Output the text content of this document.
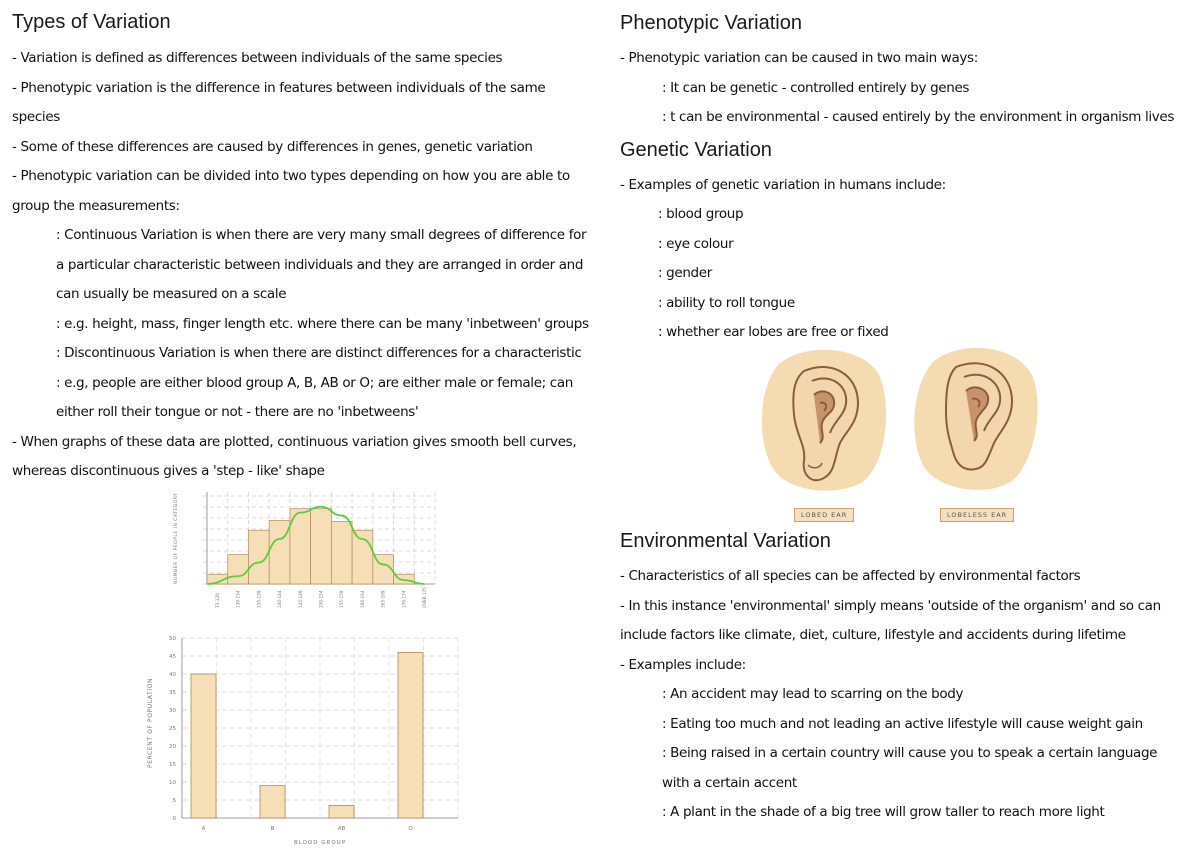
Types of Variation
- Variation is defined as differences between individuals of the same species
- Phenotypic variation is the difference in features between individuals of the same
species
- Some of these differences are caused by differences in genes, genetic variation
- Phenotypic variation can be divided into two types depending on how you are able to
group the measurements:
: Continuous Variation is when there are very many small degrees of difference for
a particular characteristic between individuals and they are arranged in order and
can usually be measured on a scale
: e.g. height, mass, finger length etc. where there can be many 'inbetween' groups
: Discontinuous Variation is when there are distinct differences for a characteristic
: e.g, people are either blood group A, B, AB or O; are either male or female; can
either roll their tongue or not - there are no 'inbetweens'
- When graphs of these data are plotted, continuous variation gives smooth bell curves,
whereas discontinuous gives a 'step - like' shape
73-129	130-134	135-139	140-144	145-149	150-154	155-159	160-164	165-169	170-174	OVER 175
NUMBER OF PEOPLE IN CATEGORY
0
5
10
15
20
25
30
35
40
45
50
A	B	AB	O
PERCENT OF POPULATION
BLOOD GROUP
Phenotypic Variation
- Phenotypic variation can be caused in two main ways:
: It can be genetic - controlled entirely by genes
: t can be environmental - caused entirely by the environment in organism lives
Genetic Variation
- Examples of genetic variation in humans include:
: blood group
: eye colour
: gender
: ability to roll tongue
: whether ear lobes are free or fixed
LOBED EAR	LOBELESS EAR
Environmental Variation
- Characteristics of all species can be affected by environmental factors
- In this instance 'environmental' simply means 'outside of the organism' and so can
include factors like climate, diet, culture, lifestyle and accidents during lifetime
- Examples include:
: An accident may lead to scarring on the body
: Eating too much and not leading an active lifestyle will cause weight gain
: Being raised in a certain country will cause you to speak a certain language
with a certain accent
: A plant in the shade of a big tree will grow taller to reach more light
